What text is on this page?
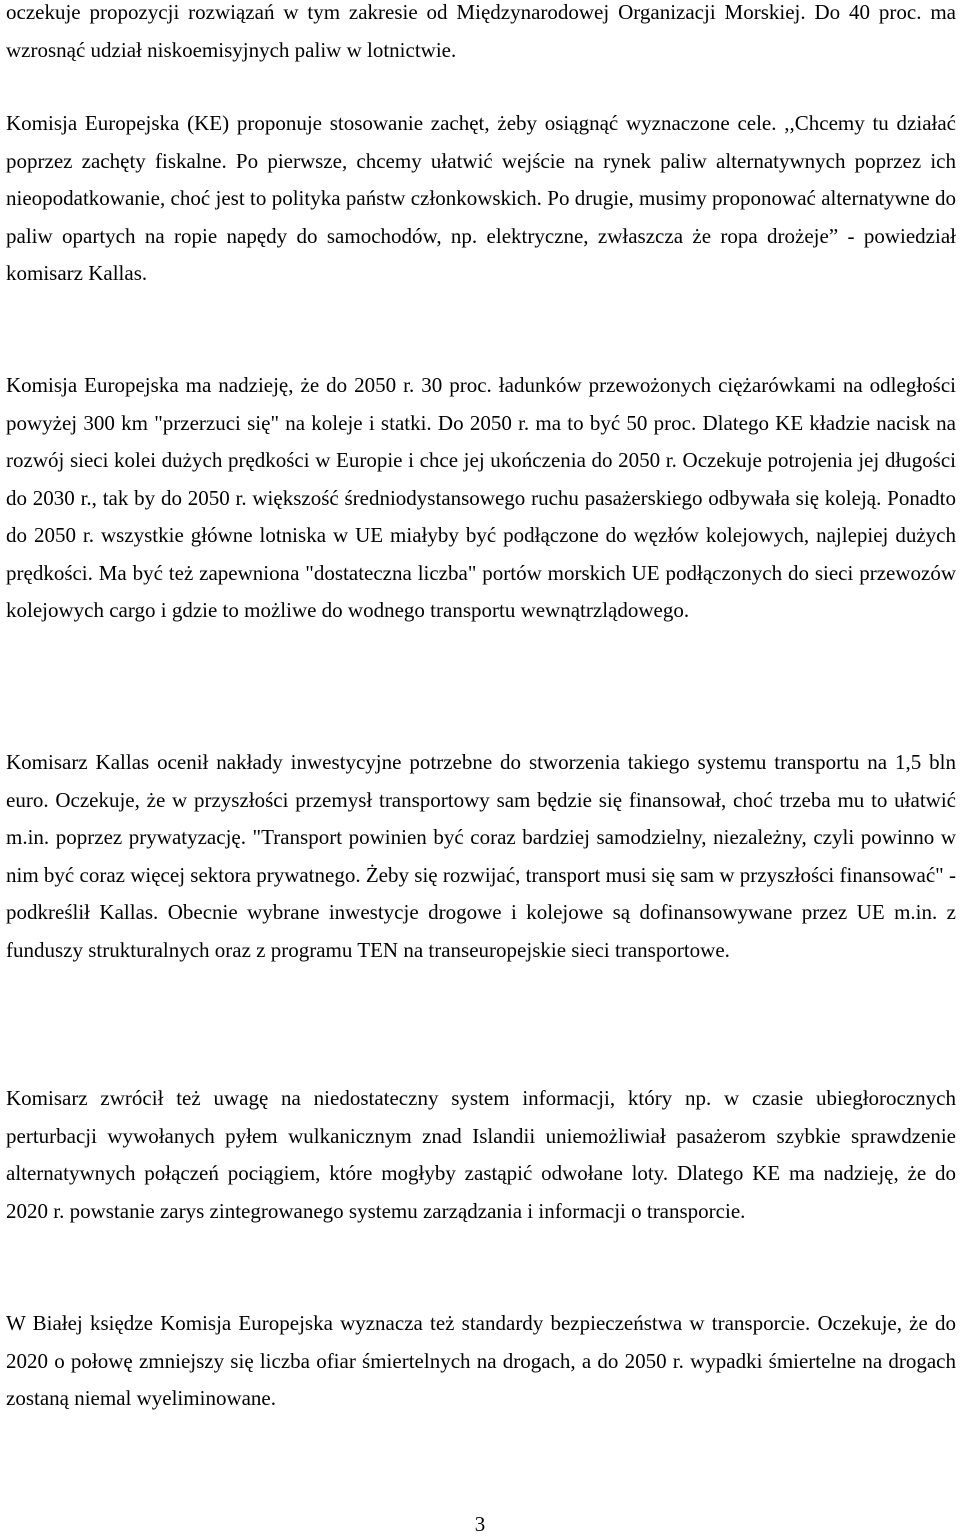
oczekuje propozycji rozwiązań w tym zakresie od Międzynarodowej Organizacji Morskiej. Do 40 proc. ma wzrosnąć udział niskoemisyjnych paliw w lotnictwie.

Komisja Europejska (KE) proponuje stosowanie zachęt, żeby osiągnąć wyznaczone cele. ,,Chcemy tu działać poprzez zachęty fiskalne. Po pierwsze, chcemy ułatwić wejście na rynek paliw alternatywnych poprzez ich nieopodatkowanie, choć jest to polityka państw członkowskich. Po drugie, musimy proponować alternatywne do paliw opartych na ropie napędy do samochodów, np. elektryczne, zwłaszcza że ropa drożeje” - powiedział komisarz Kallas.

Komisja Europejska ma nadzieję, że do 2050 r. 30 proc. ładunków przewożonych ciężarówkami na odległości powyżej 300 km "przerzuci się" na koleje i statki. Do 2050 r. ma to być 50 proc. Dlatego KE kładzie nacisk na rozwój sieci kolei dużych prędkości w Europie i chce jej ukończenia do 2050 r. Oczekuje potrojenia jej długości do 2030 r., tak by do 2050 r. większość średniodystansowego ruchu pasażerskiego odbywała się koleją. Ponadto do 2050 r. wszystkie główne lotniska w UE miałyby być podłączone do węzłów kolejowych, najlepiej dużych prędkości. Ma być też zapewniona "dostateczna liczba" portów morskich UE podłączonych do sieci przewozów kolejowych cargo i gdzie to możliwe do wodnego transportu wewnątrzlądowego.

Komisarz Kallas ocenił nakłady inwestycyjne potrzebne do stworzenia takiego systemu transportu na 1,5 bln euro. Oczekuje, że w przyszłości przemysł transportowy sam będzie się finansował, choć trzeba mu to ułatwić m.in. poprzez prywatyzację. "Transport powinien być coraz bardziej samodzielny, niezależny, czyli powinno w nim być coraz więcej sektora prywatnego. Żeby się rozwijać, transport musi się sam w przyszłości finansować" - podkreślił Kallas. Obecnie wybrane inwestycje drogowe i kolejowe są dofinansowywane przez UE m.in. z funduszy strukturalnych oraz z programu TEN na transeuropejskie sieci transportowe.

Komisarz zwrócił też uwagę na niedostateczny system informacji, który np. w czasie ubiegłorocznych perturbacji wywołanych pyłem wulkanicznym znad Islandii uniemożliwiał pasażerom szybkie sprawdzenie alternatywnych połączeń pociągiem, które mogłyby zastąpić odwołane loty. Dlatego KE ma nadzieję, że do 2020 r. powstanie zarys zintegrowanego systemu zarządzania i informacji o transporcie.

W Białej księdze Komisja Europejska wyznacza też standardy bezpieczeństwa w transporcie. Oczekuje, że do 2020 o połowę zmniejszy się liczba ofiar śmiertelnych na drogach, a do 2050 r. wypadki śmiertelne na drogach zostaną niemal wyeliminowane.

3
